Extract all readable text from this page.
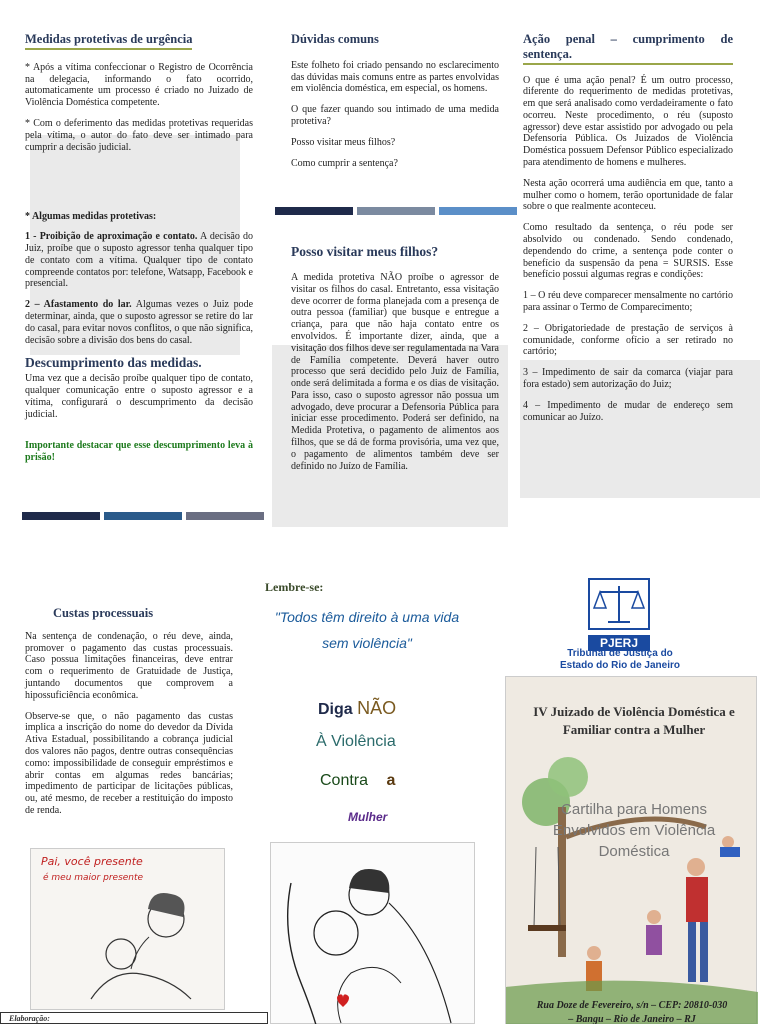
Medidas protetivas de urgência

* Após a vítima confeccionar o Registro de Ocorrência na delegacia, informando o fato ocorrido, automaticamente um processo é criado no Juizado de Violência Doméstica competente.

* Com o deferimento das medidas protetivas requeridas pela vítima, o autor do fato deve ser intimado para cumprir a decisão judicial.

* Algumas medidas protetivas:

1 - Proibição de aproximação e contato. A decisão do Juiz, proíbe que o suposto agressor tenha qualquer tipo de contato com a vítima. Qualquer tipo de contato compreende contatos por: telefone, Watsapp, Facebook e presencial.

2 – Afastamento do lar. Algumas vezes o Juiz pode determinar, ainda, que o suposto agressor se retire do lar do casal, para evitar novos conflitos, o que não significa, decisão sobre a divisão dos bens do casal.

Descumprimento das medidas.

Uma vez que a decisão proíbe qualquer tipo de contato, qualquer comunicação entre o suposto agressor e a vítima, configurará o descumprimento da decisão judicial.

Importante destacar que esse descumprimento leva à prisão!

Dúvidas comuns

Este folheto foi criado pensando no esclarecimento das dúvidas mais comuns entre as partes envolvidas em violência doméstica, em especial, os homens.

O que fazer quando sou intimado de uma medida protetiva?

Posso visitar meus filhos?

Como cumprir a sentença?

Posso visitar meus filhos?

A medida protetiva NÃO proíbe o agressor de visitar os filhos do casal. Entretanto, essa visitação deve ocorrer de forma planejada com a presença de outra pessoa (familiar) que busque e entregue a criança, para que não haja contato entre os envolvidos. É importante dizer, ainda, que a visitação dos filhos deve ser regulamentada na Vara de Família competente. Deverá haver outro processo que será decidido pelo Juiz de Família, onde será delimitada a forma e os dias de visitação. Para isso, caso o suposto agressor não possua um advogado, deve procurar a Defensoria Pública para iniciar esse procedimento. Poderá ser definido, na Medida Protetiva, o pagamento de alimentos aos filhos, que se dá de forma provisória, uma vez que, o pagamento de alimentos também deve ser definido no Juízo de Família.

Ação penal – cumprimento de sentença.

O que é uma ação penal? É um outro processo, diferente do requerimento de medidas protetivas, em que será analisado como verdadeiramente o fato ocorreu. Neste procedimento, o réu (suposto agressor) deve estar assistido por advogado ou pela Defensoria Pública. Os Juizados de Violência Doméstica possuem Defensor Público especializado para atendimento de homens e mulheres.

Nesta ação ocorrerá uma audiência em que, tanto a mulher como o homem, terão oportunidade de falar sobre o que realmente aconteceu.

Como resultado da sentença, o réu pode ser absolvido ou condenado. Sendo condenado, dependendo do crime, a sentença pode conter o benefício da suspensão da pena = SURSIS. Esse benefício possui algumas regras e condições:

1 – O réu deve comparecer mensalmente no cartório para assinar o Termo de Comparecimento;

2 – Obrigatoriedade de prestação de serviços à comunidade, conforme ofício a ser retirado no cartório;

3 – Impedimento de sair da comarca (viajar para fora estado) sem autorização do Juiz;

4 – Impedimento de mudar de endereço sem comunicar ao Juízo.

Custas processuais

Na sentença de condenação, o réu deve, ainda, promover o pagamento das custas processuais. Caso possua limitações financeiras, deve entrar com o requerimento de Gratuidade de Justiça, juntando documentos que comprovem a hipossuficiência econômica.

Observe-se que, o não pagamento das custas implica a inscrição do nome do devedor da Dívida Ativa Estadual, possibilitando a cobrança judicial dos valores não pagos, dentre outras consequências como: impossibilidade de conseguir empréstimos e abrir contas em algumas redes bancárias; impedimento de participar de licitações públicas, ou, até mesmo, de receber a restituição do imposto de renda.

Pai, você presente
é meu maior presente
Elaboração:
Lembre-se:
"Todos têm direito à uma vida sem violência"
Diga NÃO
À Violência
Contra a
Mulher
PJERJ
Tribunal de Justiça do
Estado do Rio de Janeiro
IV Juizado de Violência Doméstica e Familiar contra a Mulher
Cartilha para Homens Envolvidos em Violência Doméstica
Rua Doze de Fevereiro, s/n – CEP: 20810-030
– Bangu – Rio de Janeiro – RJ
